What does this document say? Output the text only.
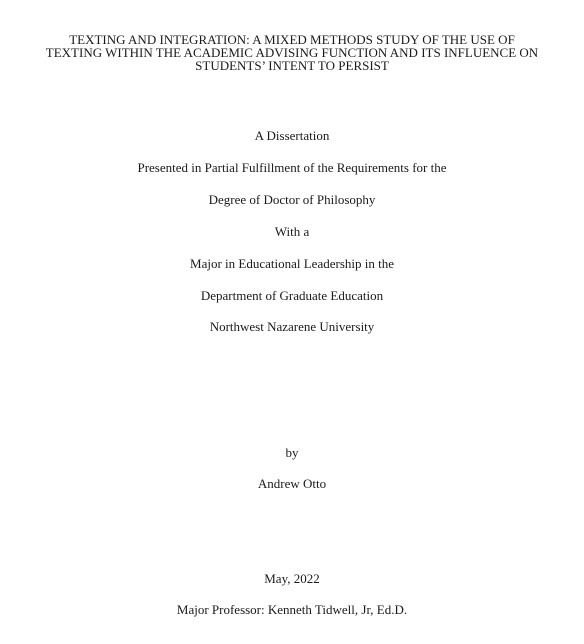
TEXTING AND INTEGRATION: A MIXED METHODS STUDY OF THE USE OF
TEXTING WITHIN THE ACADEMIC ADVISING FUNCTION AND ITS INFLUENCE ON
STUDENTS’ INTENT TO PERSIST
A Dissertation
Presented in Partial Fulfillment of the Requirements for the
Degree of Doctor of Philosophy
With a
Major in Educational Leadership in the
Department of Graduate Education
Northwest Nazarene University
by
Andrew Otto
May, 2022
Major Professor: Kenneth Tidwell, Jr, Ed.D.
